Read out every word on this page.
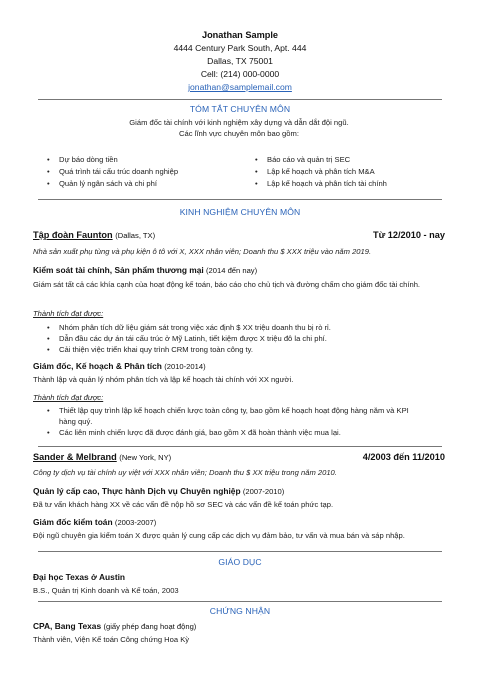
Jonathan Sample
4444 Century Park South, Apt. 444
Dallas, TX 75001
Cell: (214) 000-0000
jonathan@samplemail.com
TÓM TẮT CHUYÊN MÔN
Giám đốc tài chính với kinh nghiệm xây dựng và dẫn dắt đội ngũ.
Các lĩnh vực chuyên môn bao gồm:
• Dự báo dòng tiền
• Quá trình tái cấu trúc doanh nghiệp
• Quản lý ngân sách và chi phí
• Báo cáo và quản trị SEC
• Lập kế hoạch và phân tích M&A
• Lập kế hoạch và phân tích tài chính
KINH NGHIỆM CHUYÊN MÔN
Tập đoàn Faunton (Dallas, TX)	Từ 12/2010 - nay
Nhà sản xuất phụ tùng và phụ kiện ô tô với X, XXX nhân viên; Doanh thu $ XXX triệu vào năm 2019.
Kiểm soát tài chính, Sản phẩm thương mại (2014 đến nay)
Giám sát tất cả các khía cạnh của hoạt động kế toán, báo cáo cho chủ tịch và đường chấm cho giám đốc tài chính.
Thành tích đạt được:
• Nhóm phân tích dữ liệu giám sát trong việc xác định $ XX triệu doanh thu bị rò rỉ.
• Dẫn đầu các dự án tái cấu trúc ở Mỹ Latinh, tiết kiệm được X triệu đô la chi phí.
• Cải thiện việc triển khai quy trình CRM trong toàn công ty.
Giám đốc, Kế hoạch & Phân tích (2010-2014)
Thành lập và quản lý nhóm phân tích và lập kế hoạch tài chính với XX người.
Thành tích đạt được:
• Thiết lập quy trình lập kế hoạch chiến lược toàn công ty, bao gồm kế hoạch hoạt động hàng năm và KPI hàng quý.
• Các liên minh chiến lược đã được đánh giá, bao gồm X đã hoàn thành việc mua lại.
Sander & Melbrand (New York, NY)	4/2003 đến 11/2010
Công ty dịch vụ tài chính uy việt với XXX nhân viên; Doanh thu $ XX triệu trong năm 2010.
Quản lý cấp cao, Thực hành Dịch vụ Chuyên nghiệp (2007-2010)
Đã tư vấn khách hàng XX về các vấn đề nộp hồ sơ SEC và các vấn đề kế toán phức tạp.
Giám đốc kiểm toán (2003-2007)
Đội ngũ chuyên gia kiểm toán X được quản lý cung cấp các dịch vụ đảm bảo, tư vấn và mua bán và sáp nhập.
GIÁO DỤC
Đại học Texas ở Austin
B.S., Quản trị Kinh doanh và Kế toán, 2003
CHỨNG NHẬN
CPA, Bang Texas (giấy phép đang hoạt động)
Thành viên, Viện Kế toán Công chứng Hoa Kỳ
